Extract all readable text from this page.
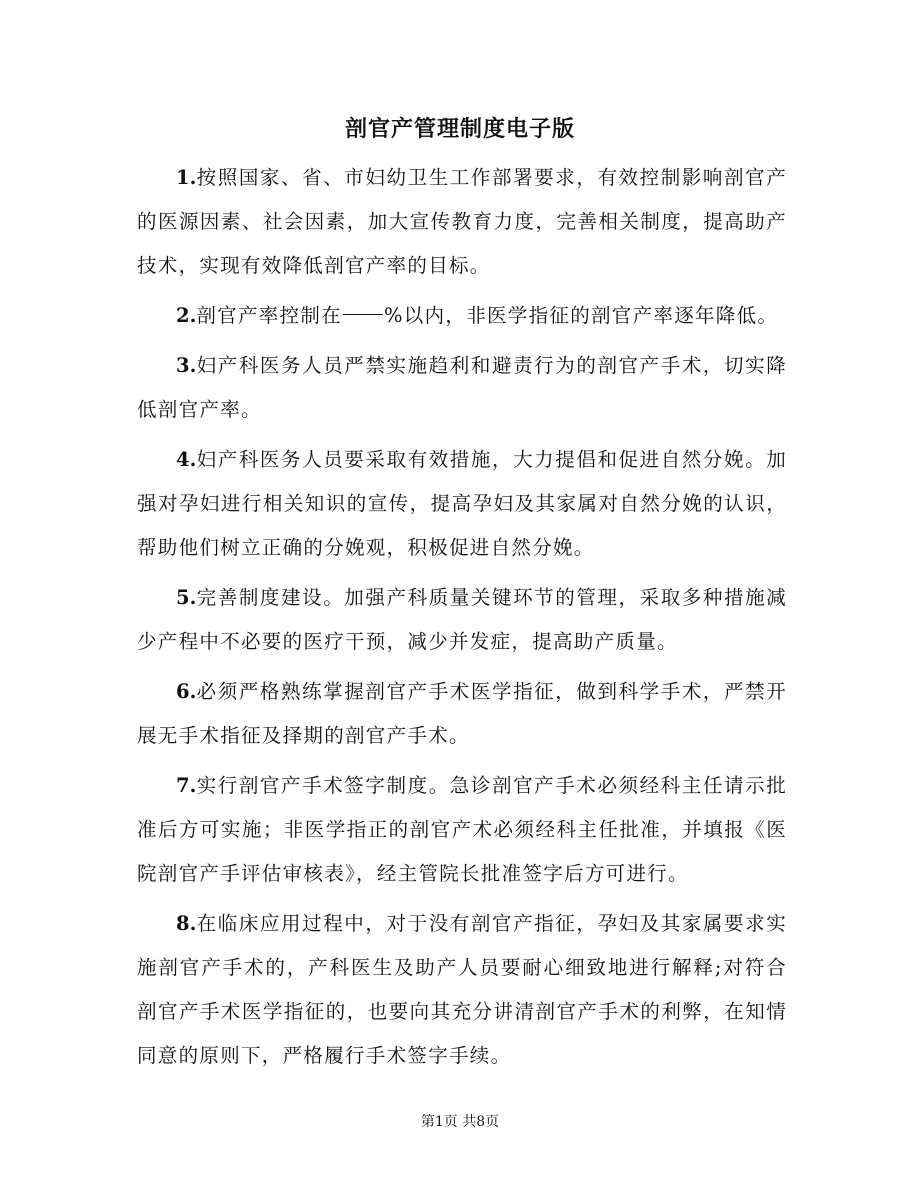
剖官产管理制度电子版

1.按照国家、省、市妇幼卫生工作部署要求，有效控制影响剖官产的医源因素、社会因素，加大宣传教育力度，完善相关制度，提高助产技术，实现有效降低剖官产率的目标。

2.剖官产率控制在 %以内，非医学指征的剖官产率逐年降低。

3.妇产科医务人员严禁实施趋利和避责行为的剖官产手术，切实降低剖官产率。

4.妇产科医务人员要采取有效措施，大力提倡和促进自然分娩。加强对孕妇进行相关知识的宣传，提高孕妇及其家属对自然分娩的认识，帮助他们树立正确的分娩观，积极促进自然分娩。

5.完善制度建设。加强产科质量关键环节的管理，采取多种措施减少产程中不必要的医疗干预，减少并发症，提高助产质量。

6.必须严格熟练掌握剖官产手术医学指征，做到科学手术，严禁开展无手术指征及择期的剖官产手术。

7.实行剖官产手术签字制度。急诊剖官产手术必须经科主任请示批准后方可实施；非医学指正的剖官产术必须经科主任批准，并填报《医院剖官产手评估审核表》，经主管院长批准签字后方可进行。

8.在临床应用过程中，对于没有剖官产指征，孕妇及其家属要求实施剖官产手术的，产科医生及助产人员要耐心细致地进行解释;对符合剖官产手术医学指征的，也要向其充分讲清剖官产手术的利弊，在知情同意的原则下，严格履行手术签字手续。

第1页 共8页
